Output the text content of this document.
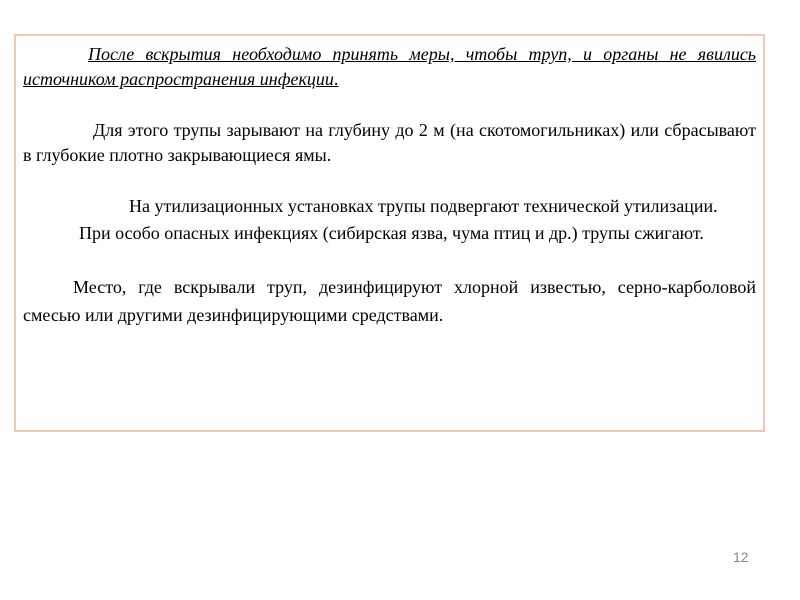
После вскрытия необходимо принять меры, чтобы труп, и органы не явились источником распространения инфекции.

Для этого трупы зарывают на глубину до 2 м (на скотомогильниках) или сбрасывают в глубокие плотно закрывающиеся ямы.

На утилизационных установках трупы подвергают технической утилизации.

При особо опасных инфекциях (сибирская язва, чума птиц и др.) трупы сжигают.

Место, где вскрывали труп, дезинфицируют хлорной известью, серно-карболовой смесью или другими дезинфицирующими средствами.

12
